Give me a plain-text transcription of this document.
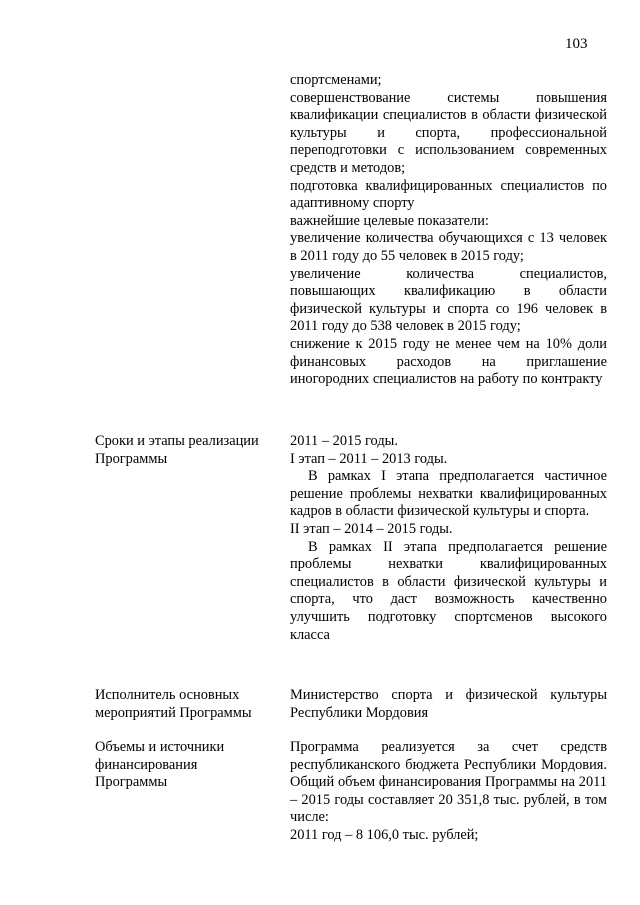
103

спортсменами;

совершенствование системы повышения квалификации специалистов в области физической культуры и спорта, профессиональной переподготовки с использованием современных средств и методов;

подготовка квалифицированных специалистов по адаптивному спорту

важнейшие целевые показатели:

увеличение количества обучающихся с 13 человек в 2011 году до 55 человек в 2015 году;

увеличение количества специалистов, повышающих квалификацию в области физической культуры и спорта со 196 человек в 2011 году до 538 человек в 2015 году;

снижение к 2015 году не менее чем на 10% доли финансовых расходов на приглашение иногородних специалистов на работу по контракту

Сроки и этапы реализации
Программы

2011 – 2015 годы.

I этап – 2011 – 2013 годы.

В рамках I этапа предполагается частичное решение проблемы нехватки квалифицированных кадров в области физической культуры и спорта.

II этап – 2014 – 2015 годы.

В рамках II этапа предполагается решение проблемы нехватки квалифицированных специалистов в области физической культуры и спорта, что даст возможность качественно улучшить подготовку спортсменов высокого класса

Исполнитель основных
мероприятий Программы

Министерство спорта и физической культуры Республики Мордовия

Объемы и источники
финансирования
Программы

Программа реализуется за счет средств республиканского бюджета Республики Мордовия. Общий объем финансирования Программы на 2011 – 2015 годы составляет 20 351,8 тыс. рублей, в том числе:

2011 год – 8 106,0 тыс. рублей;
